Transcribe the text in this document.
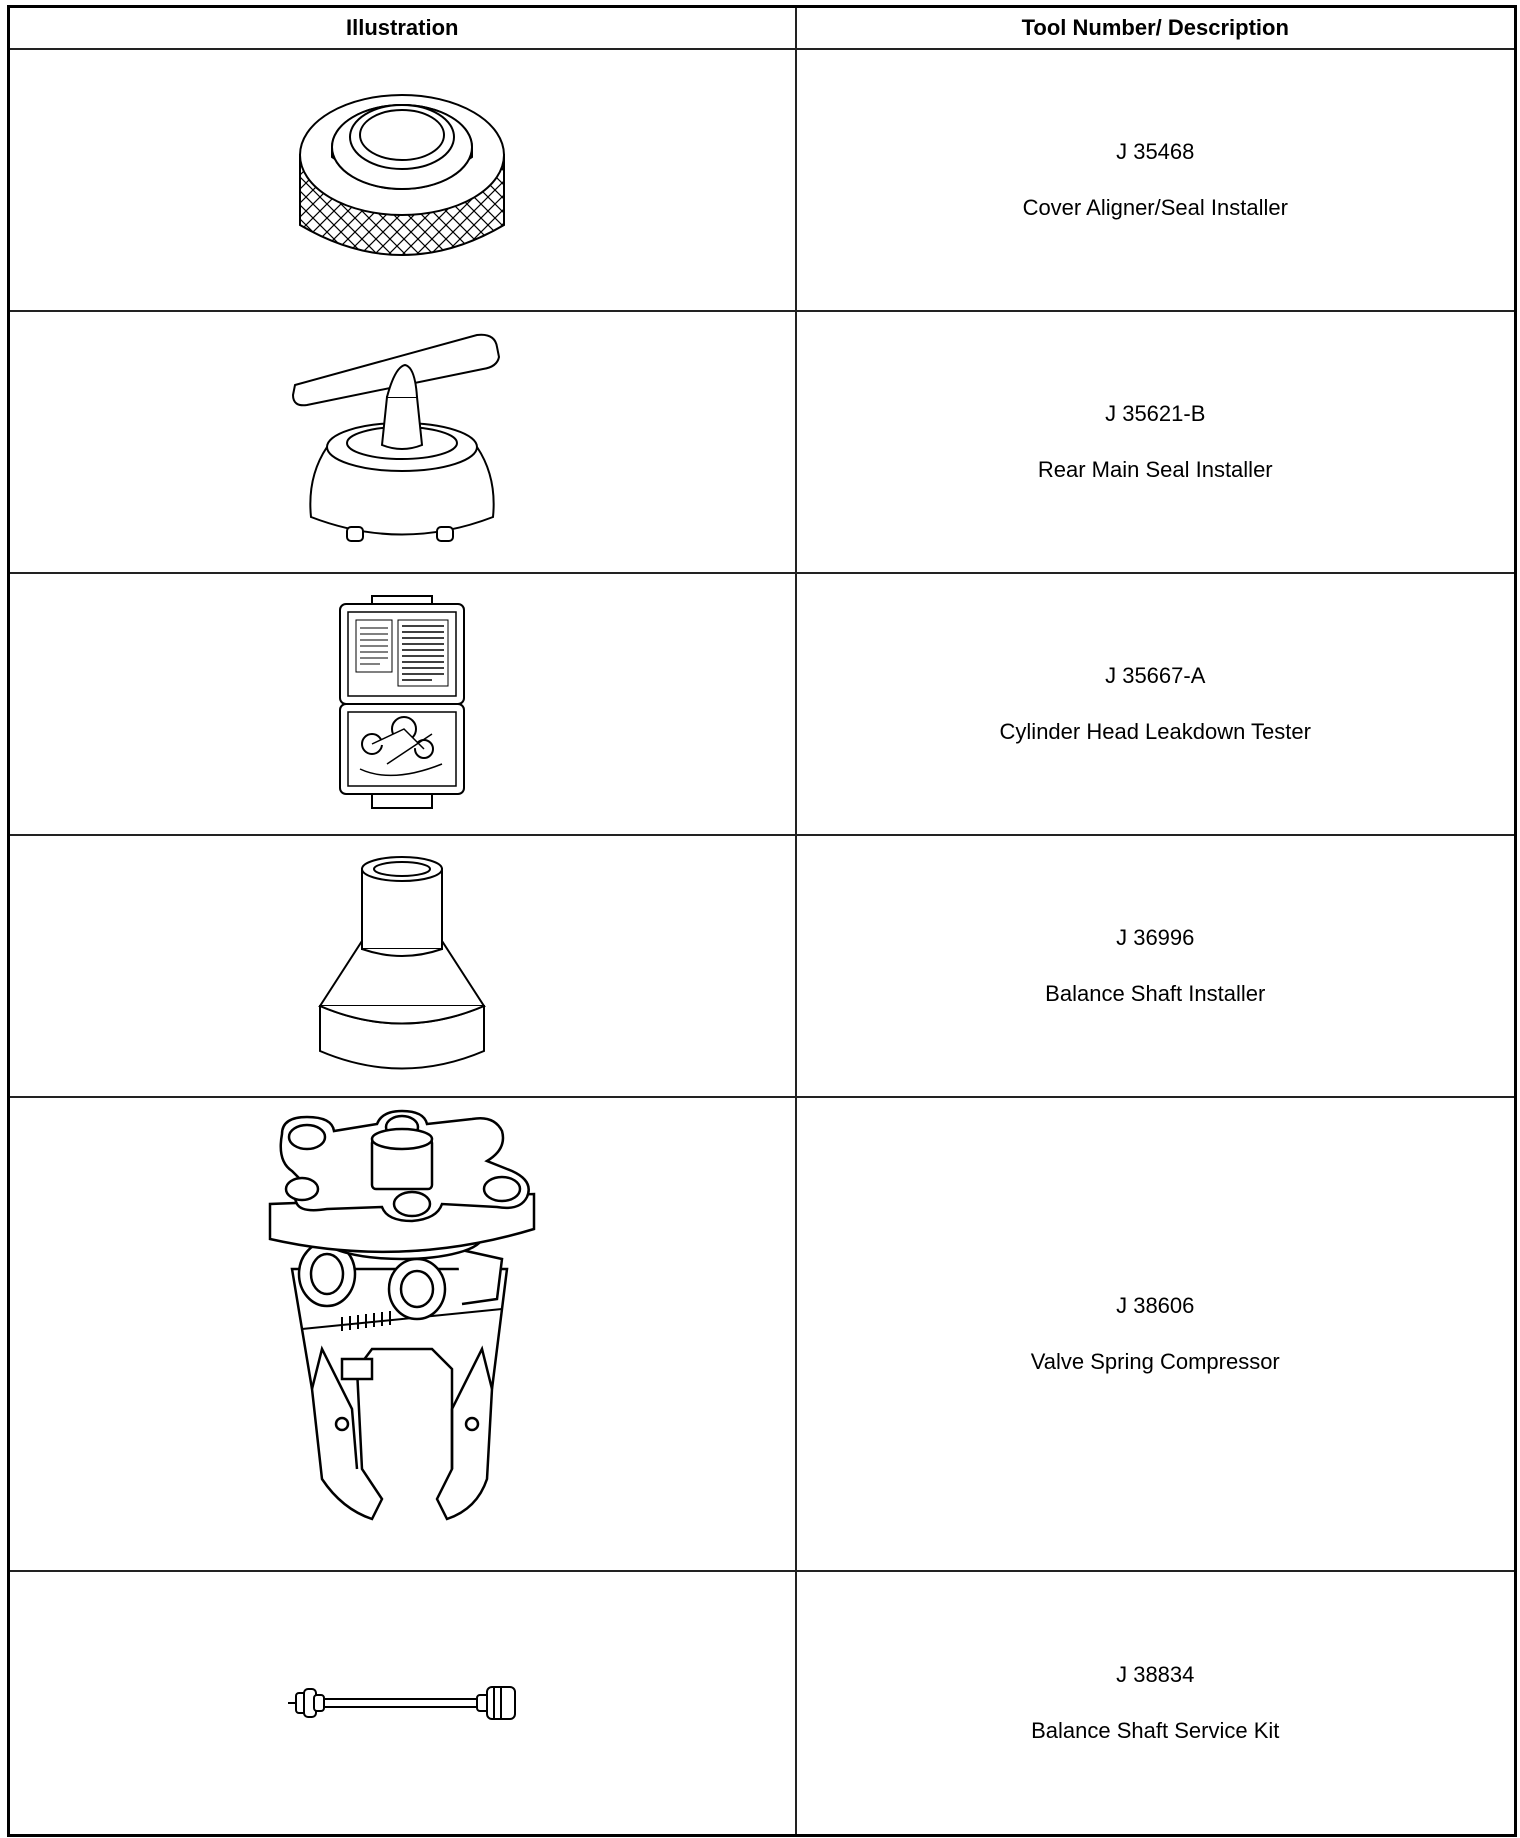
Illustration	Tool Number/ Description

J 35468
Cover Aligner/Seal Installer

J 35621-B
Rear Main Seal Installer

J 35667-A
Cylinder Head Leakdown Tester

J 36996
Balance Shaft Installer

J 38606
Valve Spring Compressor

J 38834
Balance Shaft Service Kit
